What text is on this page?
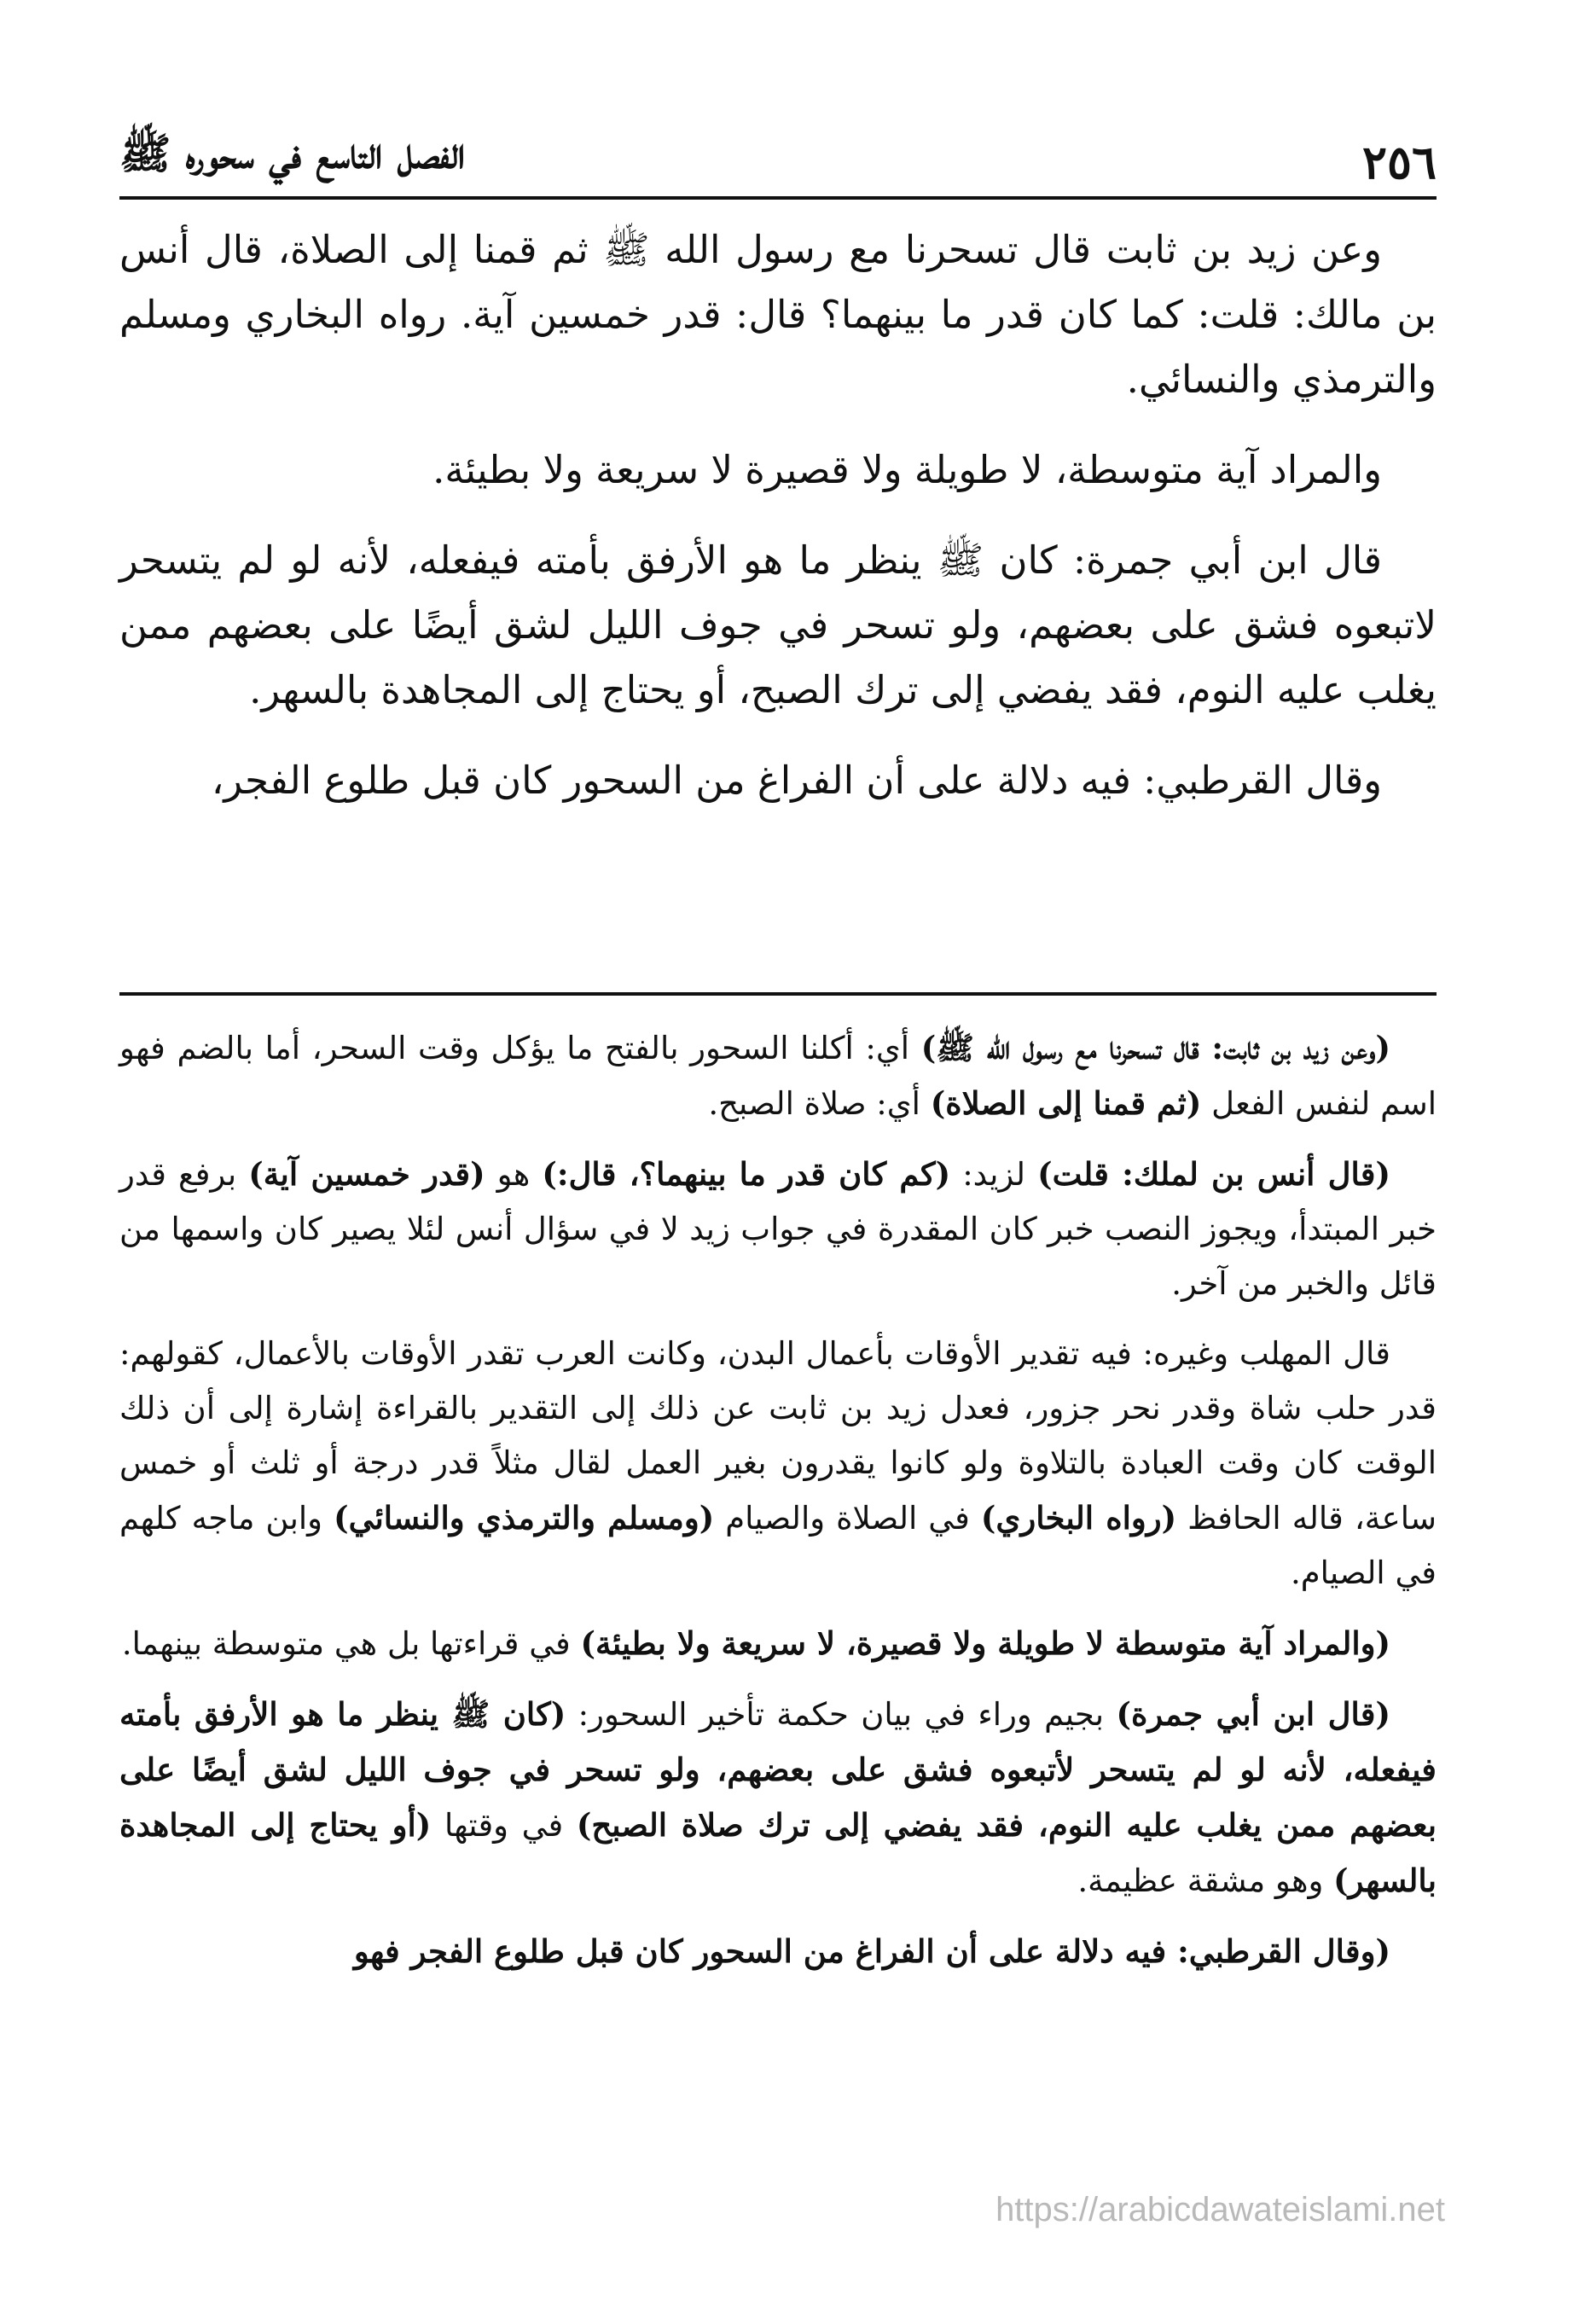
٢٥٦
الفصل التاسع في سحوره ﷺ

وعن زيد بن ثابت قال تسحرنا مع رسول الله ﷺ ثم قمنا إلى الصلاة، قال أنس بن مالك: قلت: كما كان قدر ما بينهما؟ قال: قدر خمسين آية. رواه البخاري ومسلم والترمذي والنسائي.

والمراد آية متوسطة، لا طويلة ولا قصيرة لا سريعة ولا بطيئة.

قال ابن أبي جمرة: كان ﷺ ينظر ما هو الأرفق بأمته فيفعله، لأنه لو لم يتسحر لاتبعوه فشق على بعضهم، ولو تسحر في جوف الليل لشق أيضًا على بعضهم ممن يغلب عليه النوم، فقد يفضي إلى ترك الصبح، أو يحتاج إلى المجاهدة بالسهر.

وقال القرطبي: فيه دلالة على أن الفراغ من السحور كان قبل طلوع الفجر،

(وعن زيد بن ثابت: قال تسحرنا مع رسول الله ﷺ) أي: أكلنا السحور بالفتح ما يؤكل وقت السحر، أما بالضم فهو اسم لنفس الفعل (ثم قمنا إلى الصلاة) أي: صلاة الصبح.

(قال أنس بن لملك: قلت) لزيد: (كم كان قدر ما بينهما؟، قال:) هو (قدر خمسين آية) برفع قدر خبر المبتدأ، ويجوز النصب خبر كان المقدرة في جواب زيد لا في سؤال أنس لئلا يصير كان واسمها من قائل والخبر من آخر.

قال المهلب وغيره: فيه تقدير الأوقات بأعمال البدن، وكانت العرب تقدر الأوقات بالأعمال، كقولهم: قدر حلب شاة وقدر نحر جزور، فعدل زيد بن ثابت عن ذلك إلى التقدير بالقراءة إشارة إلى أن ذلك الوقت كان وقت العبادة بالتلاوة ولو كانوا يقدرون بغير العمل لقال مثلاً قدر درجة أو ثلث أو خمس ساعة، قاله الحافظ (رواه البخاري) في الصلاة والصيام (ومسلم والترمذي والنسائي) وابن ماجه كلهم في الصيام.

(والمراد آية متوسطة لا طويلة ولا قصيرة، لا سريعة ولا بطيئة) في قراءتها بل هي متوسطة بينهما.

(قال ابن أبي جمرة) بجيم وراء في بيان حكمة تأخير السحور: (كان ﷺ ينظر ما هو الأرفق بأمته فيفعله، لأنه لو لم يتسحر لأتبعوه فشق على بعضهم، ولو تسحر في جوف الليل لشق أيضًا على بعضهم ممن يغلب عليه النوم، فقد يفضي إلى ترك صلاة الصبح) في وقتها (أو يحتاج إلى المجاهدة بالسهر) وهو مشقة عظيمة.

(وقال القرطبي: فيه دلالة على أن الفراغ من السحور كان قبل طلوع الفجر فهو

https://arabicdawateislami.net
